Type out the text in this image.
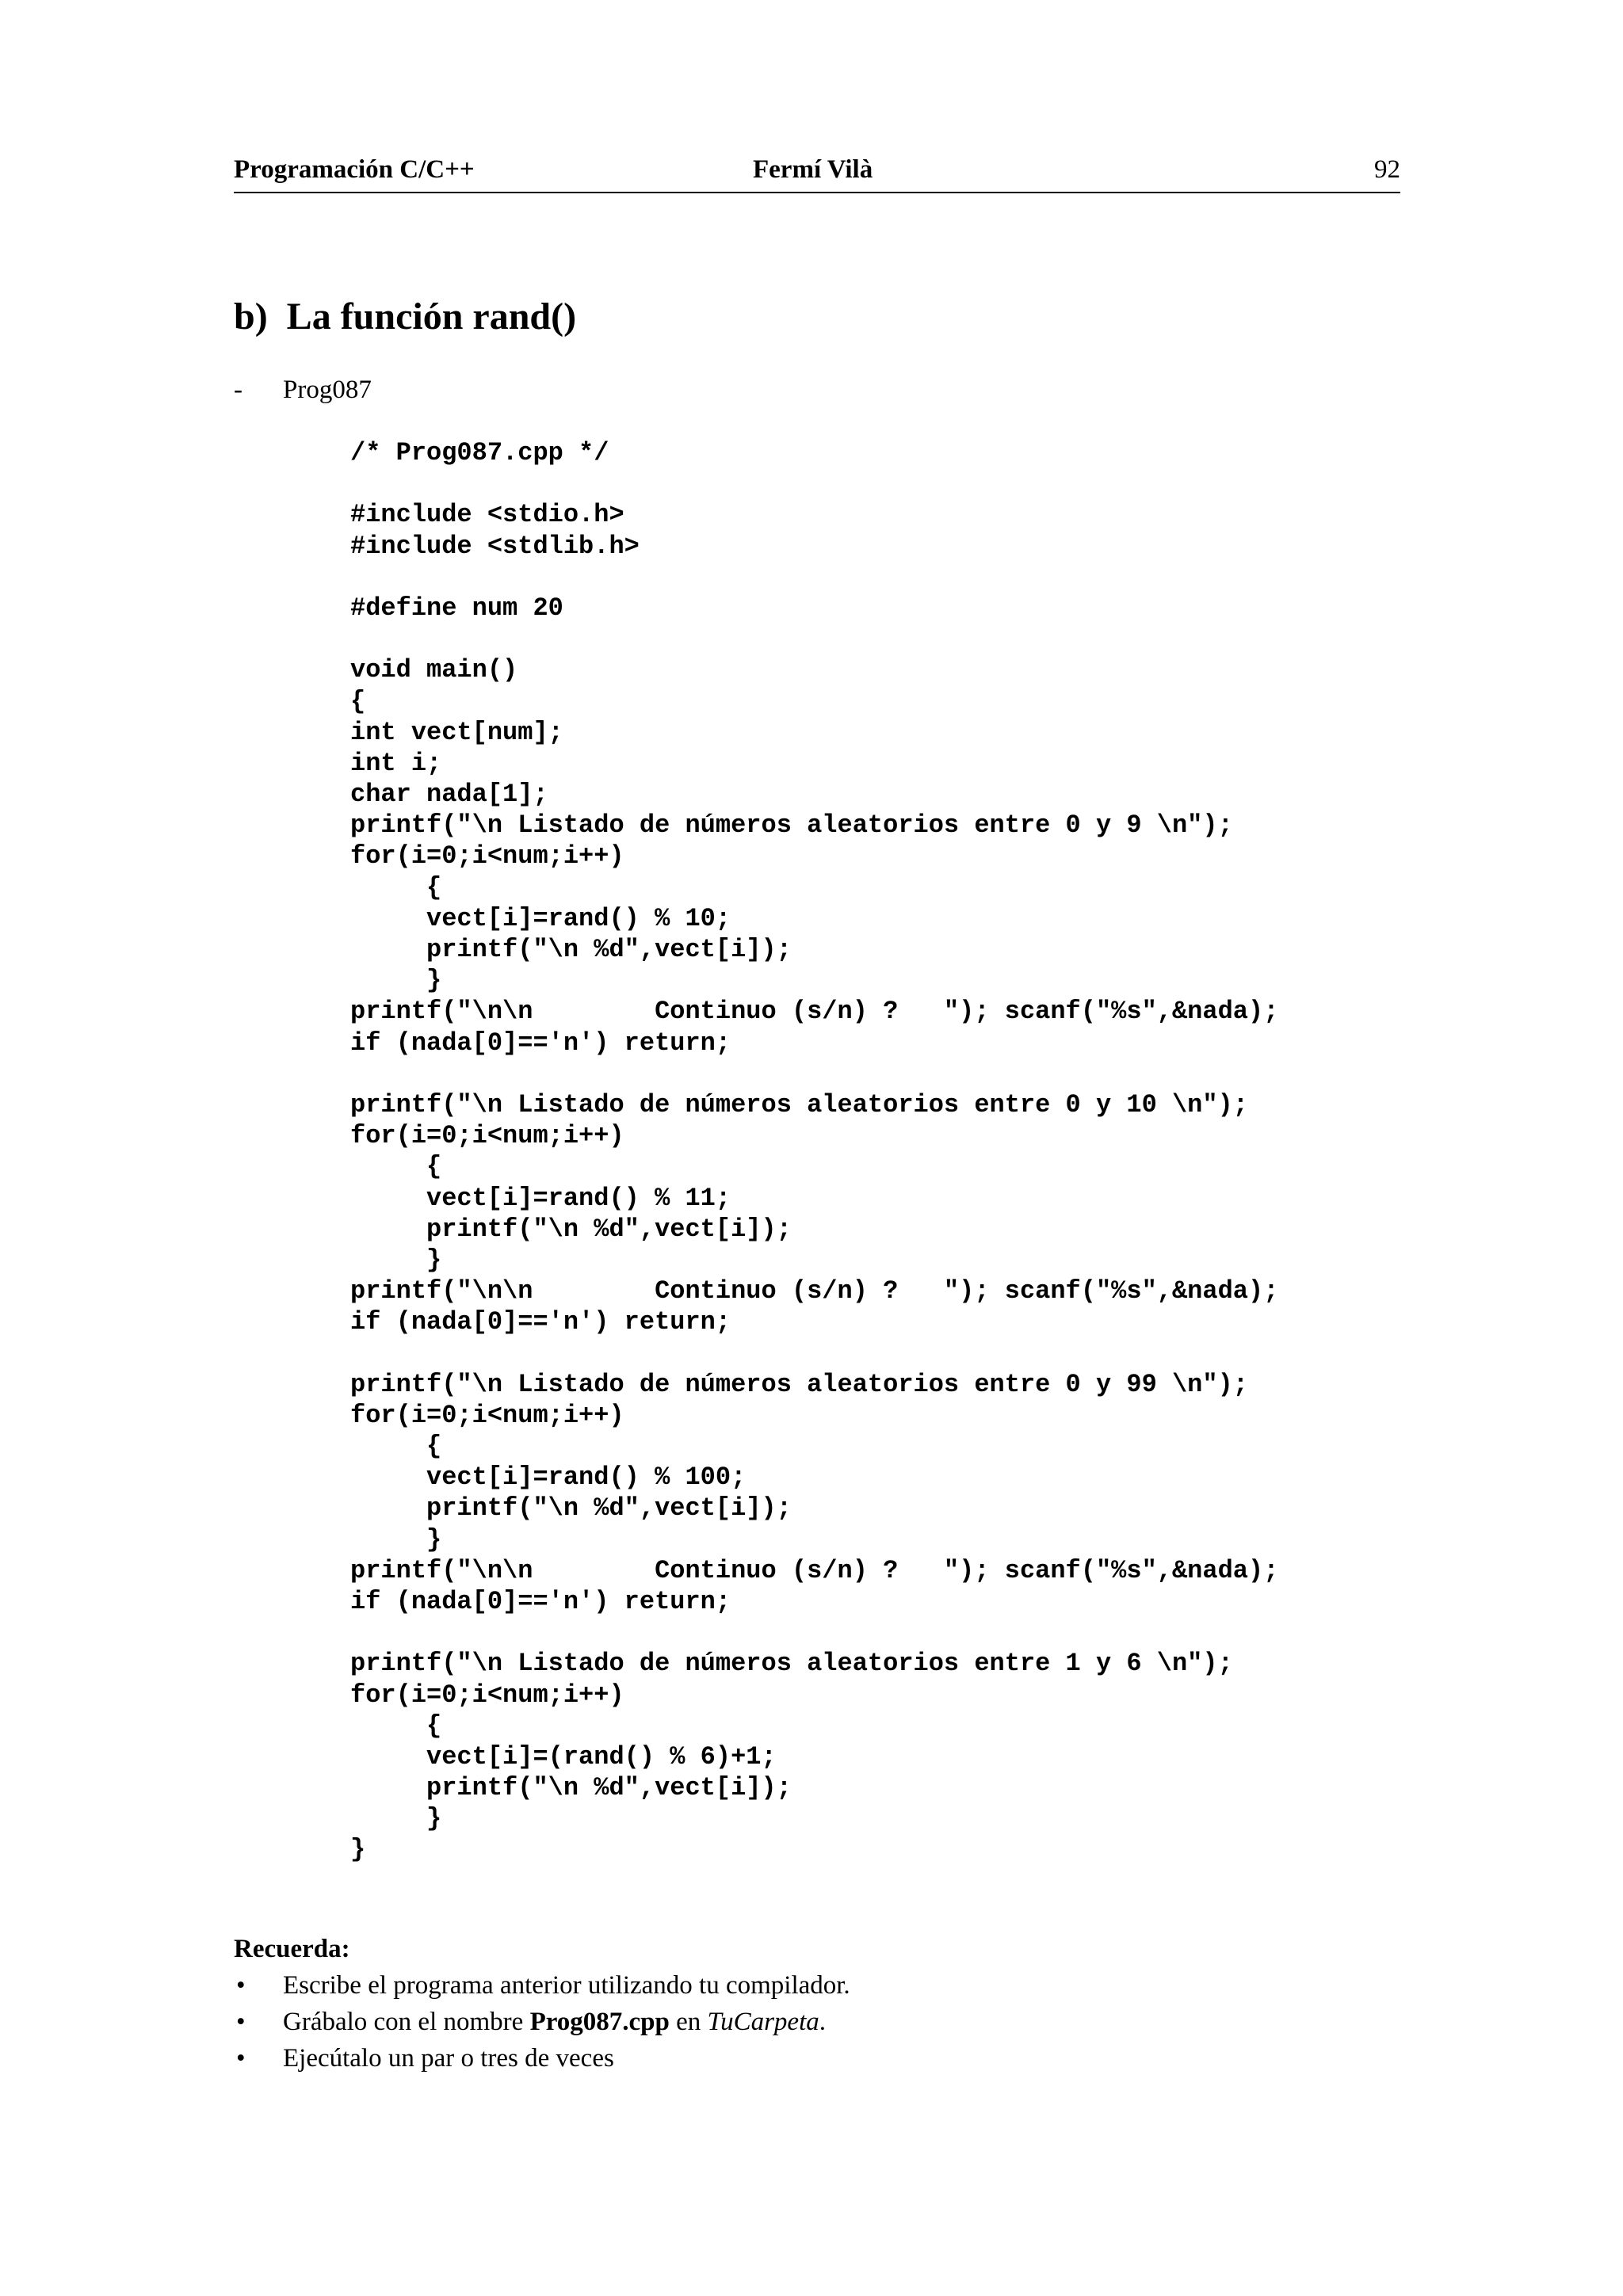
Programación C/C++	Fermí Vilà	92
b)  La función rand()
- Prog087
/* Prog087.cpp */
#include <stdio.h>
#include <stdlib.h>
#define num 20
void main()
{
int vect[num];
int i;
char nada[1];
printf("\n Listado de números aleatorios entre 0 y 9 \n");
for(i=0;i<num;i++)
{
vect[i]=rand() % 10;
printf("\n %d",vect[i]);
}
printf("\n\n        Continuo (s/n) ?   "); scanf("%s",&nada);
if (nada[0]=='n') return;
printf("\n Listado de números aleatorios entre 0 y 10 \n");
for(i=0;i<num;i++)
{
vect[i]=rand() % 11;
printf("\n %d",vect[i]);
}
printf("\n\n        Continuo (s/n) ?   "); scanf("%s",&nada);
if (nada[0]=='n') return;
printf("\n Listado de números aleatorios entre 0 y 99 \n");
for(i=0;i<num;i++)
{
vect[i]=rand() % 100;
printf("\n %d",vect[i]);
}
printf("\n\n        Continuo (s/n) ?   "); scanf("%s",&nada);
if (nada[0]=='n') return;
printf("\n Listado de números aleatorios entre 1 y 6 \n");
for(i=0;i<num;i++)
{
vect[i]=(rand() % 6)+1;
printf("\n %d",vect[i]);
}
}
Recuerda:
• Escribe el programa anterior utilizando tu compilador.
• Grábalo con el nombre Prog087.cpp en TuCarpeta.
• Ejecútalo un par o tres de veces
